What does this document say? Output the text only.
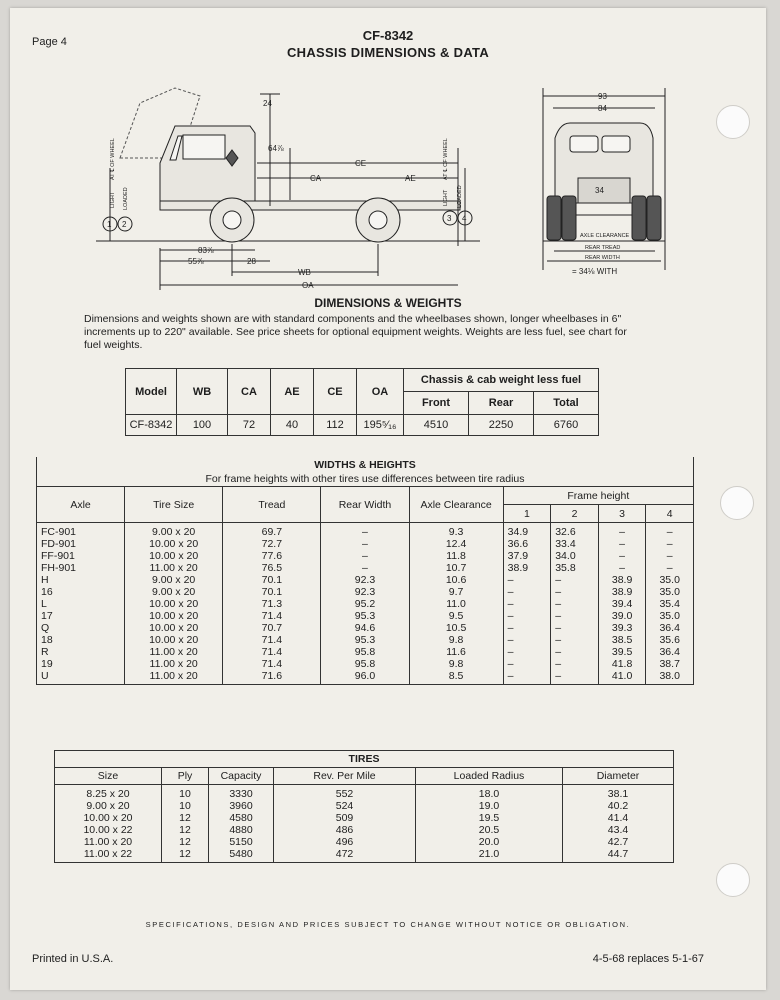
Page 4	CF-8342
CHASSIS DIMENSIONS & DATA
24
64⅞
CE
CA	AE
83⅞
55⅞	28
WB
OA
AT ℄ OF WHEEL
LIGHT LOADED
AT ℄ OF WHEEL
LIGHT LOADED
1 2
3 4
93
84
34
AXLE CLEARANCE
REAR TREAD
REAR WIDTH
= 34⅛ WITH
DIMENSIONS & WEIGHTS
Dimensions and weights shown are with standard components and the wheelbases shown, longer wheelbases in 6" increments up to 220" available. See price sheets for optional equipment weights. Weights are less fuel, see chart for fuel weights.
Model	WB	CA	AE	CE	OA	Chassis & cab weight less fuel		
						Front	Rear	Total
CF-8342	100	72	40	112	195⁵⁄₁₆	4510	2250	6760
WIDTHS & HEIGHTS								
For frame heights with other tires use differences between tire radius								
Axle	Tire Size	Tread	Rear Width	Axle Clearance	Frame height			
					1	2	3	4
FC-901	9.00 x 20	69.7	–	9.3	34.9	32.6	–	–
FD-901	10.00 x 20	72.7	–	12.4	36.6	33.4	–	–
FF-901	10.00 x 20	77.6	–	11.8	37.9	34.0	–	–
FH-901	11.00 x 20	76.5	–	10.7	38.9	35.8	–	–
H	9.00 x 20	70.1	92.3	10.6	–	–	38.9	35.0
16	9.00 x 20	70.1	92.3	9.7	–	–	38.9	35.0
L	10.00 x 20	71.3	95.2	11.0	–	–	39.4	35.4
17	10.00 x 20	71.4	95.3	9.5	–	–	39.0	35.0
Q	10.00 x 20	70.7	94.6	10.5	–	–	39.3	36.4
18	10.00 x 20	71.4	95.3	9.8	–	–	38.5	35.6
R	11.00 x 20	71.4	95.8	11.6	–	–	39.5	36.4
19	11.00 x 20	71.4	95.8	9.8	–	–	41.8	38.7
U	11.00 x 20	71.6	96.0	8.5	–	–	41.0	38.0
TIRES					
Size	Ply	Capacity	Rev. Per Mile	Loaded Radius	Diameter
8.25 x 20	10	3330	552	18.0	38.1
9.00 x 20	10	3960	524	19.0	40.2
10.00 x 20	12	4580	509	19.5	41.4
10.00 x 22	12	4880	486	20.5	43.4
11.00 x 20	12	5150	496	20.0	42.7
11.00 x 22	12	5480	472	21.0	44.7
SPECIFICATIONS, DESIGN AND PRICES SUBJECT TO CHANGE WITHOUT NOTICE OR OBLIGATION.
Printed in U.S.A.	4-5-68 replaces 5-1-67
